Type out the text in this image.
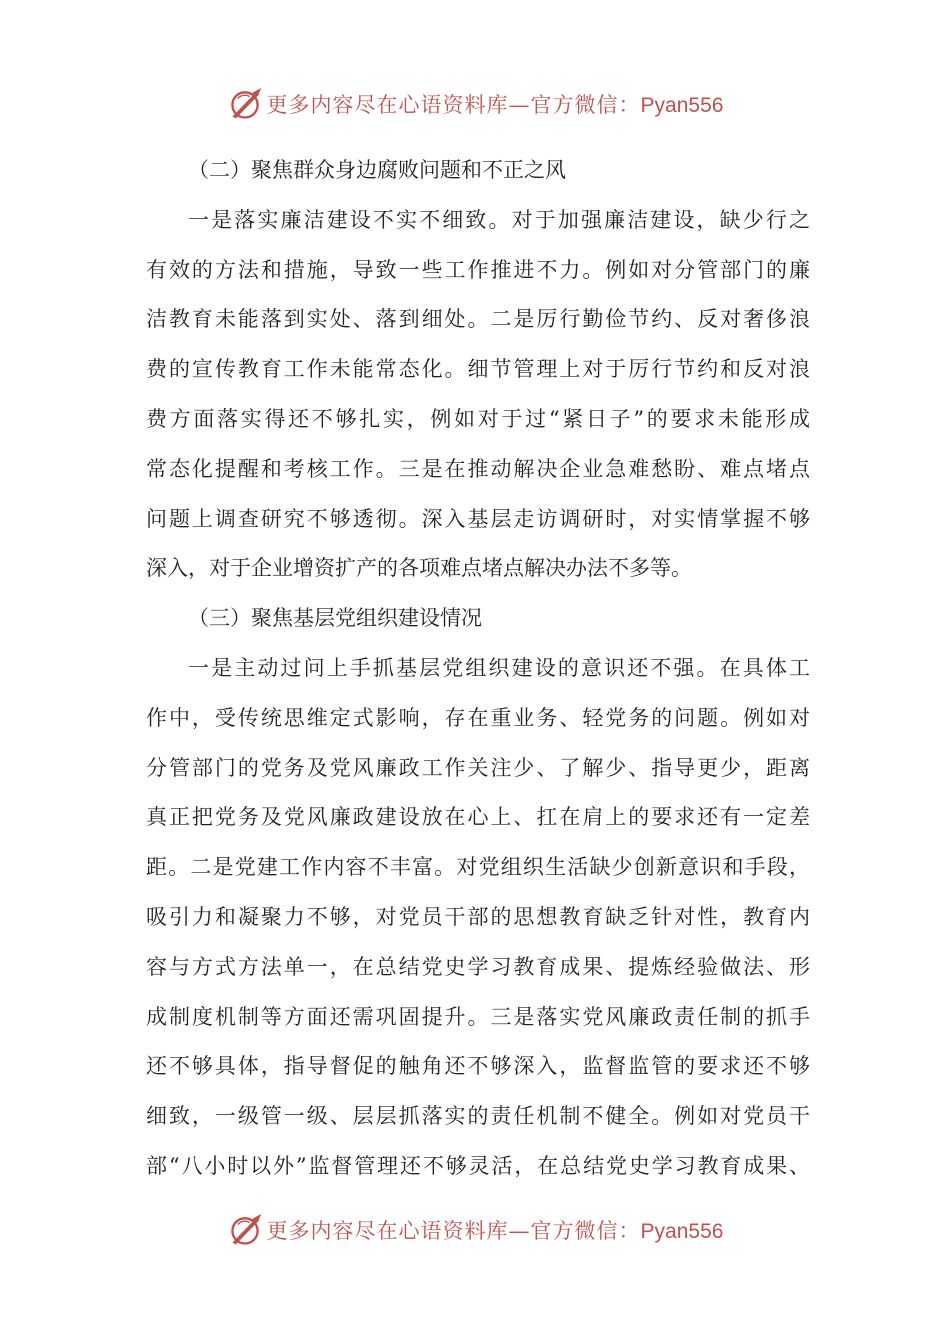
更多内容尽在心语资料库—官方微信：Pyan556
（二）聚焦群众身边腐败问题和不正之风
一是落实廉洁建设不实不细致。对于加强廉洁建设，缺少行之
有效的方法和措施，导致一些工作推进不力。例如对分管部门的廉
洁教育未能落到实处、落到细处。二是厉行勤俭节约、反对奢侈浪
费的宣传教育工作未能常态化。细节管理上对于厉行节约和反对浪
费方面落实得还不够扎实，例如对于过“紧日子”的要求未能形成
常态化提醒和考核工作。三是在推动解决企业急难愁盼、难点堵点
问题上调查研究不够透彻。深入基层走访调研时，对实情掌握不够
深入，对于企业增资扩产的各项难点堵点解决办法不多等。
（三）聚焦基层党组织建设情况
一是主动过问上手抓基层党组织建设的意识还不强。在具体工
作中，受传统思维定式影响，存在重业务、轻党务的问题。例如对
分管部门的党务及党风廉政工作关注少、了解少、指导更少，距离
真正把党务及党风廉政建设放在心上、扛在肩上的要求还有一定差
距。二是党建工作内容不丰富。对党组织生活缺少创新意识和手段，
吸引力和凝聚力不够，对党员干部的思想教育缺乏针对性，教育内
容与方式方法单一，在总结党史学习教育成果、提炼经验做法、形
成制度机制等方面还需巩固提升。三是落实党风廉政责任制的抓手
还不够具体，指导督促的触角还不够深入，监督监管的要求还不够
细致，一级管一级、层层抓落实的责任机制不健全。例如对党员干
部“八小时以外”监督管理还不够灵活，在总结党史学习教育成果、
更多内容尽在心语资料库—官方微信：Pyan556
